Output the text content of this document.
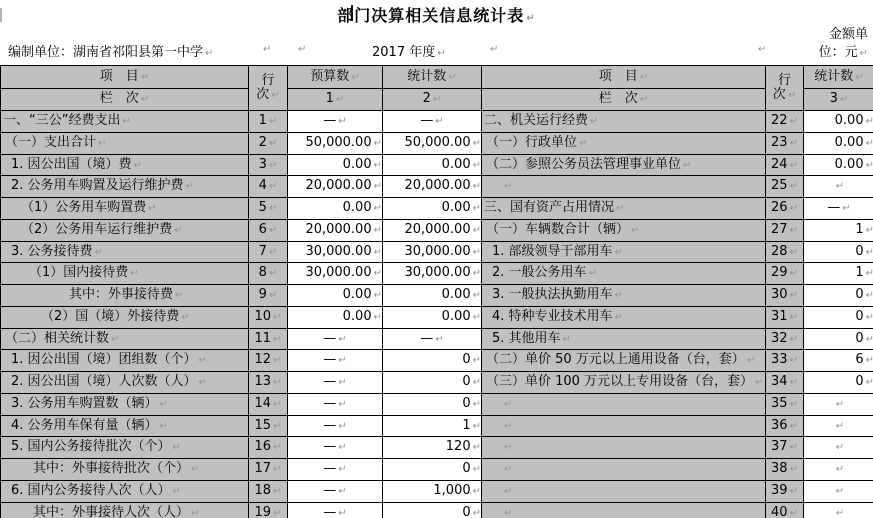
部门决算相关信息统计表 ↵
编制单位：湖南省祁阳县第一中学 ↵	↵	↵	2017 年度 ↵	↵	↵
金额单
位：元 ↵
项　目 ↵	行
次 ↵	预算数 ↵	统计数 ↵	项　目 ↵	行
次 ↵	统计数 ↵
栏　次 ↵		1 ↵	2 ↵	栏　次 ↵		3 ↵
一、“三公”经费支出 ↵	1 ↵	— ↵	— ↵	二、机关运行经费 ↵	22 ↵	0.00 ↵
（一）支出合计 ↵	2 ↵	50,000.00 ↵	50,000.00 ↵	（一）行政单位 ↵	23 ↵	0.00 ↵
1. 因公出国（境）费 ↵	3 ↵	0.00 ↵	0.00 ↵	（二）参照公务员法管理事业单位 ↵	24 ↵	0.00 ↵
2. 公务用车购置及运行维护费 ↵	4 ↵	20,000.00 ↵	20,000.00 ↵	↵	25 ↵	↵
（1）公务用车购置费 ↵	5 ↵	0.00 ↵	0.00 ↵	三、国有资产占用情况 ↵	26 ↵	— ↵
（2）公务用车运行维护费 ↵	6 ↵	20,000.00 ↵	20,000.00 ↵	（一）车辆数合计（辆） ↵	27 ↵	1 ↵
3. 公务接待费 ↵	7 ↵	30,000.00 ↵	30,000.00 ↵	1. 部级领导干部用车 ↵	28 ↵	0 ↵
（1）国内接待费 ↵	8 ↵	30,000.00 ↵	30,000.00 ↵	2. 一般公务用车 ↵	29 ↵	1 ↵
其中：外事接待费 ↵	9 ↵	0.00 ↵	0.00 ↵	3. 一般执法执勤用车 ↵	30 ↵	0 ↵
（2）国（境）外接待费 ↵	10 ↵	0.00 ↵	0.00 ↵	4. 特种专业技术用车 ↵	31 ↵	0 ↵
（二）相关统计数 ↵	11 ↵	— ↵	— ↵	5. 其他用车 ↵	32 ↵	0 ↵
1. 因公出国（境）团组数（个） ↵	12 ↵	— ↵	0 ↵	（二）单价 50 万元以上通用设备（台，套） ↵	33 ↵	6 ↵
2. 因公出国（境）人次数（人） ↵	13 ↵	— ↵	0 ↵	（三）单价 100 万元以上专用设备（台，套） ↵	34 ↵	0 ↵
3. 公务用车购置数（辆） ↵	14 ↵	— ↵	0 ↵	↵	35 ↵	↵
4. 公务用车保有量（辆） ↵	15 ↵	— ↵	1 ↵	↵	36 ↵	↵
5. 国内公务接待批次（个） ↵	16 ↵	— ↵	120 ↵	↵	37 ↵	↵
其中：外事接待批次（个） ↵	17 ↵	— ↵	0 ↵	↵	38 ↵	↵
6. 国内公务接待人次（人） ↵	18 ↵	— ↵	1,000 ↵	↵	39 ↵	↵
其中：外事接待人次（人） ↵	19 ↵	— ↵	0 ↵	↵	40 ↵	↵
